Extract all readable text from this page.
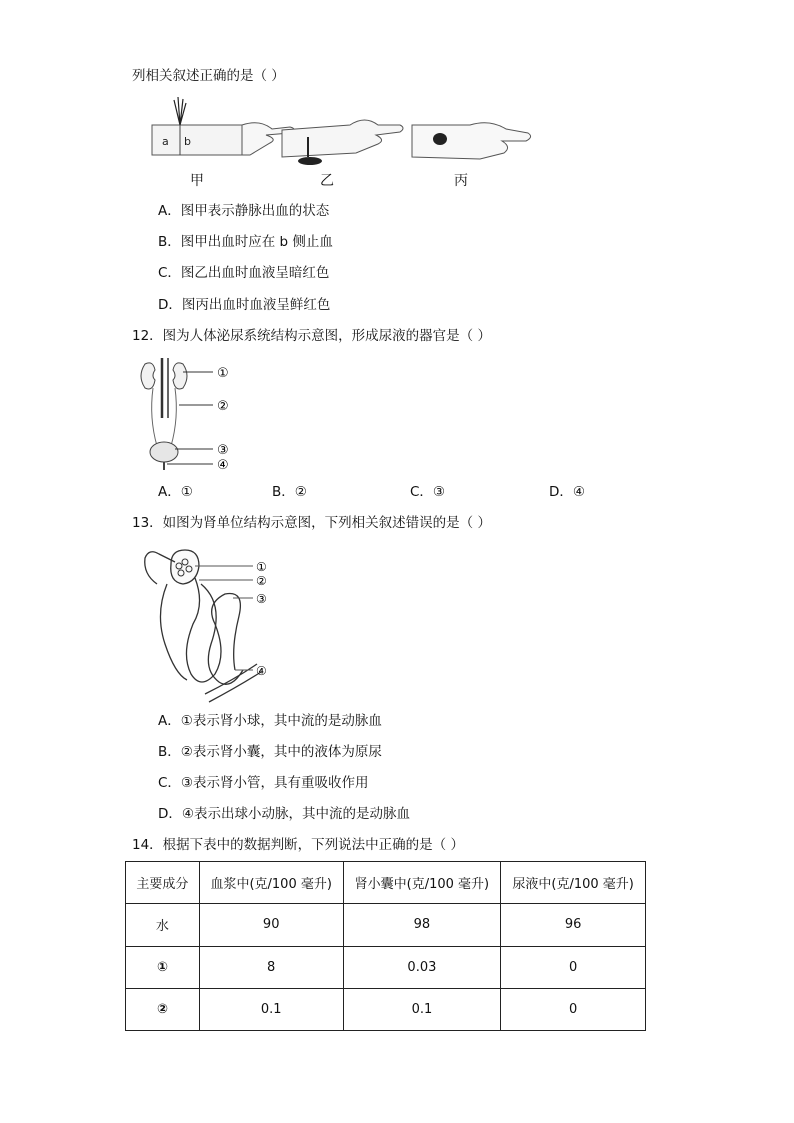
列相关叙述正确的是（ ）
a b
甲	乙	丙
A．图甲表示静脉出血的状态
B．图甲出血时应在 b 侧止血
C．图乙出血时血液呈暗红色
D．图丙出血时血液呈鲜红色
12．图为人体泌尿系统结构示意图，形成尿液的器官是（ ）
①
②
③
④
A．①	B．②	C．③	D．④
13．如图为肾单位结构示意图，下列相关叙述错误的是（ ）
①
②
③
④
A．①表示肾小球，其中流的是动脉血
B．②表示肾小囊，其中的液体为原尿
C．③表示肾小管，具有重吸收作用
D．④表示出球小动脉，其中流的是动脉血
14．根据下表中的数据判断，下列说法中正确的是（ ）
主要成分	血浆中(克/100 毫升)	肾小囊中(克/100 毫升)	尿液中(克/100 毫升)
水	90	98	96
①	8	0.03	0
②	0.1	0.1	0
